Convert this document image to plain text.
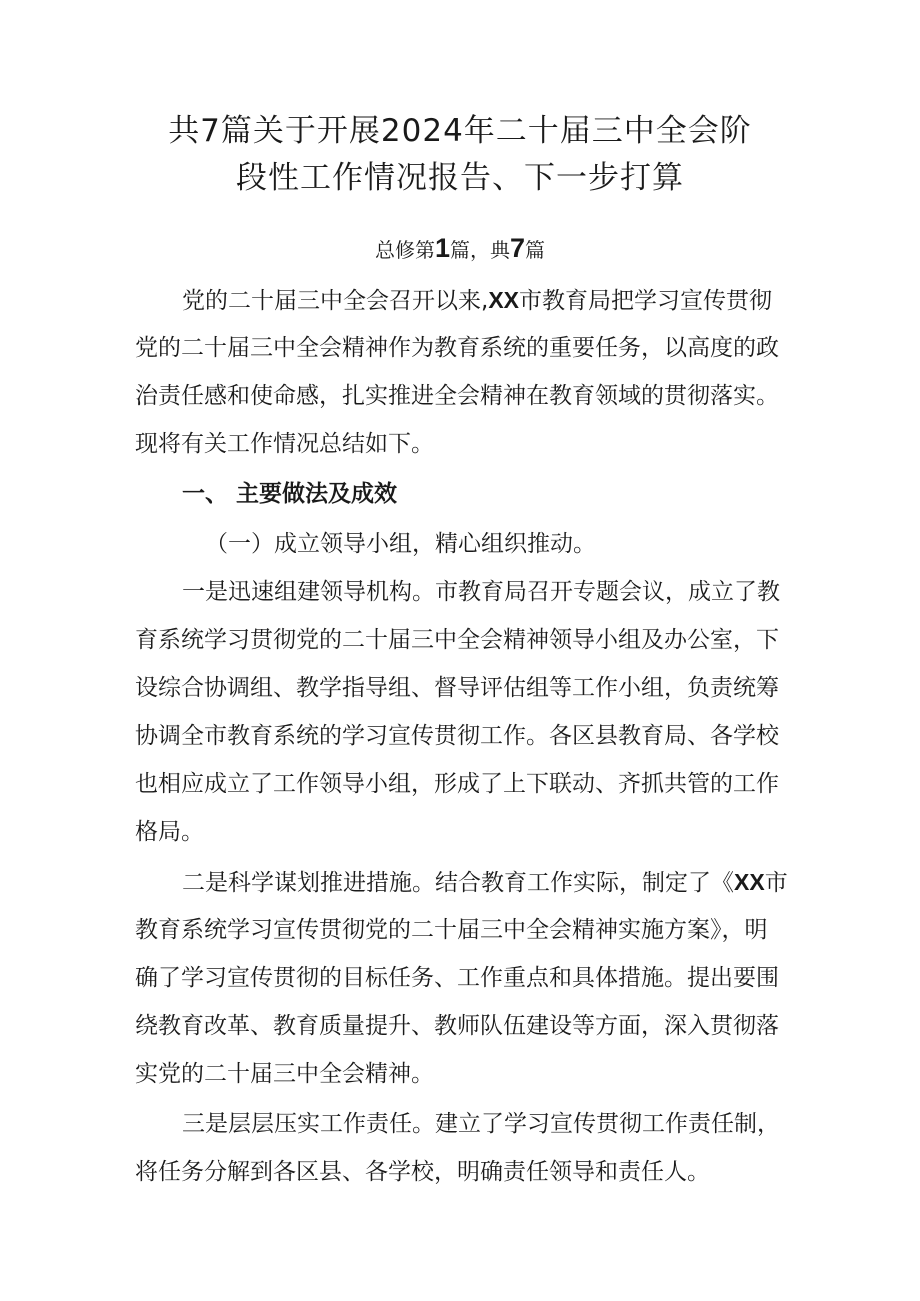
共7篇关于开展2024年二十届三中全会阶
段性工作情况报告、下一步打算
总修第1篇，典7篇
党的二十届三中全会召开以来,XX市教育局把学习宣传贯彻
党的二十届三中全会精神作为教育系统的重要任务，以高度的政
治责任感和使命感，扎实推进全会精神在教育领域的贯彻落实。
现将有关工作情况总结如下。
一、 主要做法及成效
（一）成立领导小组，精心组织推动。
一是迅速组建领导机构。市教育局召开专题会议，成立了教
育系统学习贯彻党的二十届三中全会精神领导小组及办公室，下
设综合协调组、教学指导组、督导评估组等工作小组，负责统筹
协调全市教育系统的学习宣传贯彻工作。各区县教育局、各学校
也相应成立了工作领导小组，形成了上下联动、齐抓共管的工作
格局。
二是科学谋划推进措施。结合教育工作实际，制定了《XX市
教育系统学习宣传贯彻党的二十届三中全会精神实施方案》，明
确了学习宣传贯彻的目标任务、工作重点和具体措施。提出要围
绕教育改革、教育质量提升、教师队伍建设等方面，深入贯彻落
实党的二十届三中全会精神。
三是层层压实工作责任。建立了学习宣传贯彻工作责任制，
将任务分解到各区县、各学校，明确责任领导和责任人。
